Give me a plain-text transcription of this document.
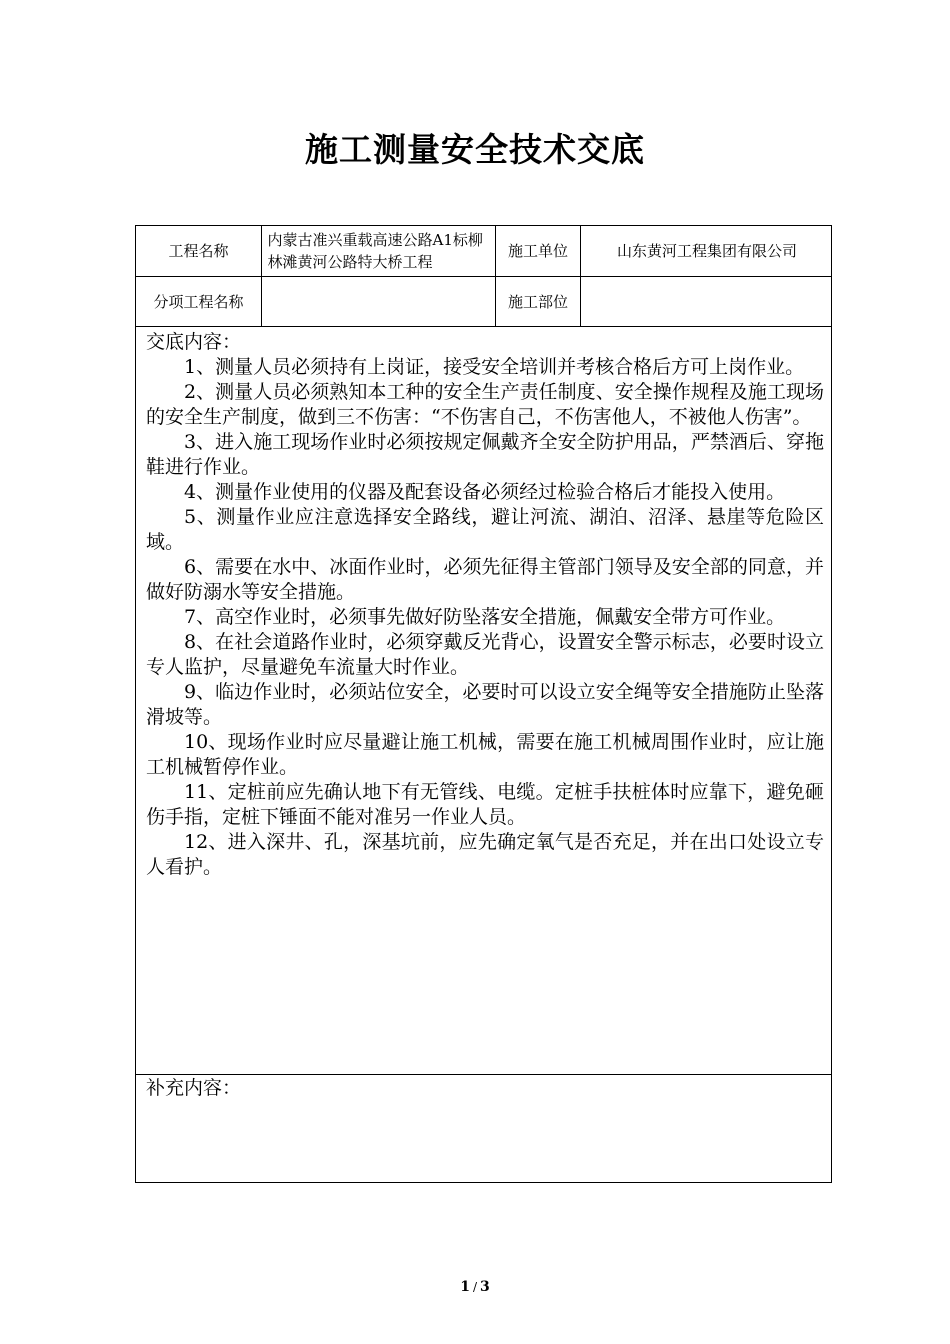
施工测量安全技术交底
工程名称
内蒙古准兴重载高速公路A1标柳林滩黄河公路特大桥工程
施工单位	山东黄河工程集团有限公司
分项工程名称	施工部位

交底内容：

1、测量人员必须持有上岗证，接受安全培训并考核合格后方可上岗作业。

2、测量人员必须熟知本工种的安全生产责任制度、安全操作规程及施工现场的安全生产制度，做到三不伤害：“不伤害自己，不伤害他人，不被他人伤害”。

3、进入施工现场作业时必须按规定佩戴齐全安全防护用品，严禁酒后、穿拖鞋进行作业。

4、测量作业使用的仪器及配套设备必须经过检验合格后才能投入使用。

5、测量作业应注意选择安全路线，避让河流、湖泊、沼泽、悬崖等危险区域。

6、需要在水中、冰面作业时，必须先征得主管部门领导及安全部的同意，并做好防溺水等安全措施。

7、高空作业时，必须事先做好防坠落安全措施，佩戴安全带方可作业。

8、在社会道路作业时，必须穿戴反光背心，设置安全警示标志，必要时设立专人监护，尽量避免车流量大时作业。

9、临边作业时，必须站位安全，必要时可以设立安全绳等安全措施防止坠落滑坡等。

10、现场作业时应尽量避让施工机械，需要在施工机械周围作业时，应让施工机械暂停作业。

11、定桩前应先确认地下有无管线、电缆。定桩手扶桩体时应靠下，避免砸伤手指，定桩下锤面不能对准另一作业人员。

12、进入深井、孔，深基坑前，应先确定氧气是否充足，并在出口处设立专人看护。

补充内容：
1 / 3
